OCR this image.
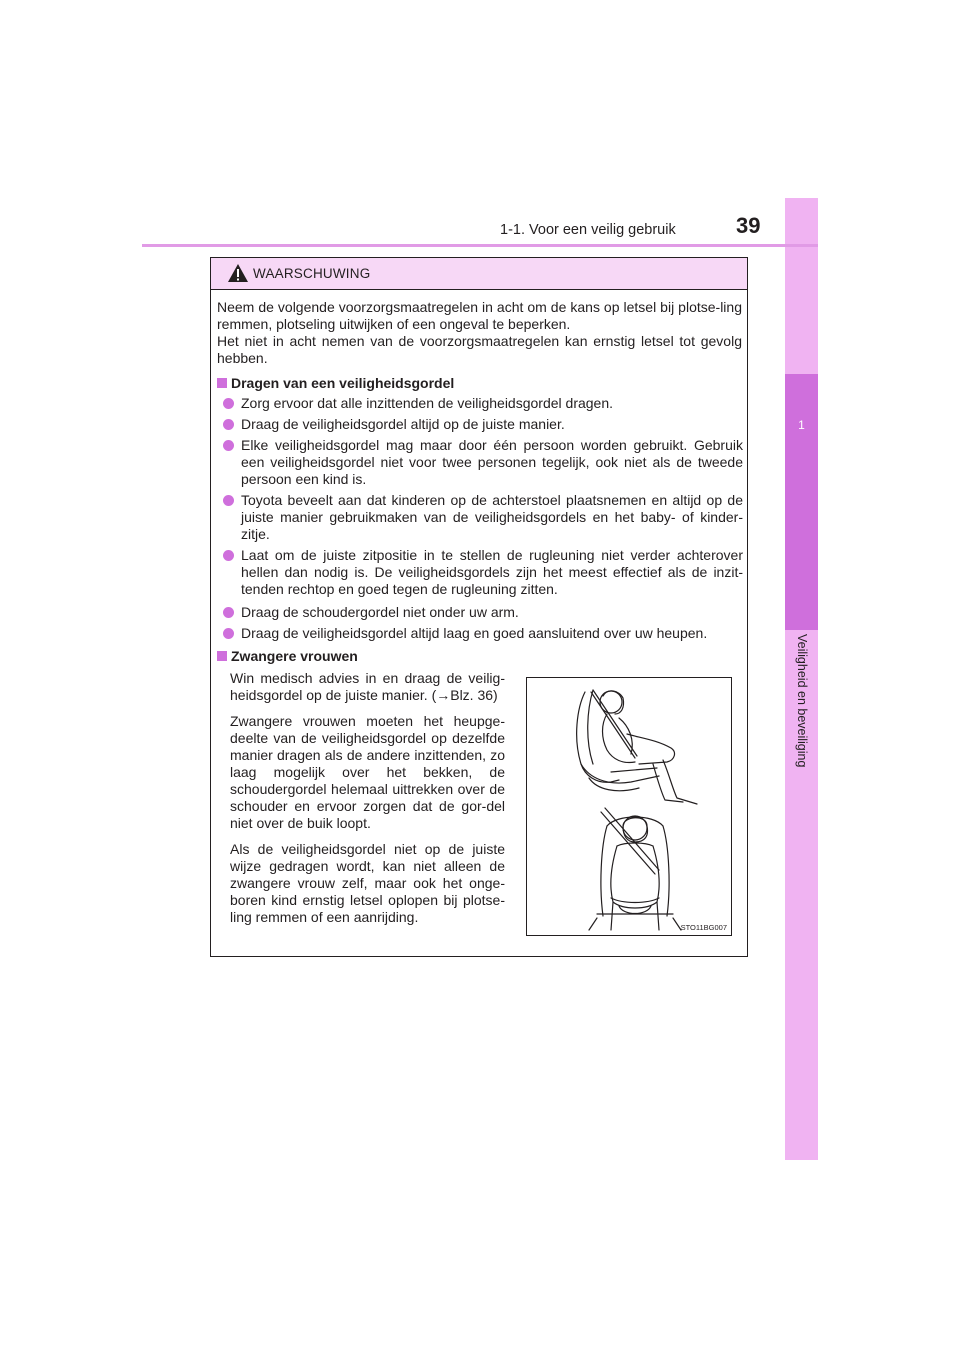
1
Veiligheid en beveiliging
1-1. Voor een veilig gebruik	39
WAARSCHUWING
Neem de volgende voorzorgsmaatregelen in acht om de kans op letsel bij plotse-ling remmen, plotseling uitwijken of een ongeval te beperken.
Het niet in acht nemen van de voorzorgsmaatregelen kan ernstig letsel tot gevolg hebben.
Dragen van een veiligheidsgordel
Zorg ervoor dat alle inzittenden de veiligheidsgordel dragen.
Draag de veiligheidsgordel altijd op de juiste manier.
Elke veiligheidsgordel mag maar door één persoon worden gebruikt. Gebruik een veiligheidsgordel niet voor twee personen tegelijk, ook niet als de tweede persoon een kind is.
Toyota beveelt aan dat kinderen op de achterstoel plaatsnemen en altijd op de juiste manier gebruikmaken van de veiligheidsgordels en het baby- of kinder-zitje.
Laat om de juiste zitpositie in te stellen de rugleuning niet verder achterover hellen dan nodig is. De veiligheidsgordels zijn het meest effectief als de inzit-tenden rechtop en goed tegen de rugleuning zitten.
Draag de schoudergordel niet onder uw arm.
Draag de veiligheidsgordel altijd laag en goed aansluitend over uw heupen.
Zwangere vrouwen
Win medisch advies in en draag de veilig-heidsgordel op de juiste manier. (→Blz. 36)
Zwangere vrouwen moeten het heupge-deelte van de veiligheidsgordel op dezelfde manier dragen als de andere inzittenden, zo laag mogelijk over het bekken, de schoudergordel helemaal uittrekken over de schouder en ervoor zorgen dat de gor-del niet over de buik loopt.
Als de veiligheidsgordel niet op de juiste wijze gedragen wordt, kan niet alleen de zwangere vrouw zelf, maar ook het onge-boren kind ernstig letsel oplopen bij plotse-ling remmen of een aanrijding.
STO11BG007
